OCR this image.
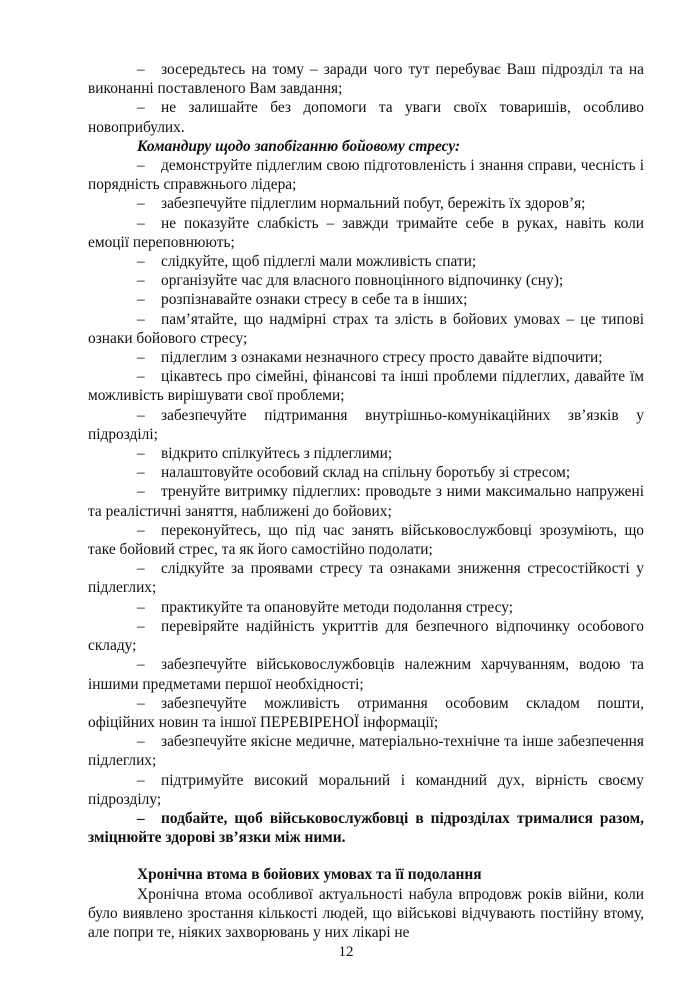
– зосередьтесь на тому – заради чого тут перебуває Ваш підрозділ та на виконанні поставленого Вам завдання;

– не залишайте без допомоги та уваги своїх товаришів, особливо новоприбулих.

Командиру щодо запобіганню бойовому стресу:

– демонструйте підлеглим свою підготовленість і знання справи, чесність і порядність справжнього лідера;

– забезпечуйте підлеглим нормальний побут, бережіть їх здоров’я;

– не показуйте слабкість – завжди тримайте себе в руках, навіть коли емоції переповнюють;

– слідкуйте, щоб підлеглі мали можливість спати;

– організуйте час для власного повноцінного відпочинку (сну);

– розпізнавайте ознаки стресу в себе та в інших;

– пам’ятайте, що надмірні страх та злість в бойових умовах – це типові ознаки бойового стресу;

– підлеглим з ознаками незначного стресу просто давайте відпочити;

– цікавтесь про сімейні, фінансові та інші проблеми підлеглих, давайте їм можливість вирішувати свої проблеми;

– забезпечуйте підтримання внутрішньо-комунікаційних зв’язків у підрозділі;

– відкрито спілкуйтесь з підлеглими;

– налаштовуйте особовий склад на спільну боротьбу зі стресом;

– тренуйте витримку підлеглих: проводьте з ними максимально напружені та реалістичні заняття, наближені до бойових;

– переконуйтесь, що під час занять військовослужбовці зрозуміють, що таке бойовий стрес, та як його самостійно подолати;

– слідкуйте за проявами стресу та ознаками зниження стресостійкості у підлеглих;

– практикуйте та опановуйте методи подолання стресу;

– перевіряйте надійність укриттів для безпечного відпочинку особового складу;

– забезпечуйте військовослужбовців належним харчуванням, водою та іншими предметами першої необхідності;

– забезпечуйте можливість отримання особовим складом пошти, офіційних новин та іншої ПЕРЕВІРЕНОЇ інформації;

– забезпечуйте якісне медичне, матеріально-технічне та інше забезпечення підлеглих;

– підтримуйте високий моральний і командний дух, вірність своєму підрозділу;

– подбайте, щоб військовослужбовці в підрозділах трималися разом, зміцнюйте здорові зв’язки між ними.

Хронічна втома в бойових умовах та її подолання

Хронічна втома особливої актуальності набула впродовж років війни, коли було виявлено зростання кількості людей, що військові відчувають постійну втому, але попри те, ніяких захворювань у них лікарі не

12
